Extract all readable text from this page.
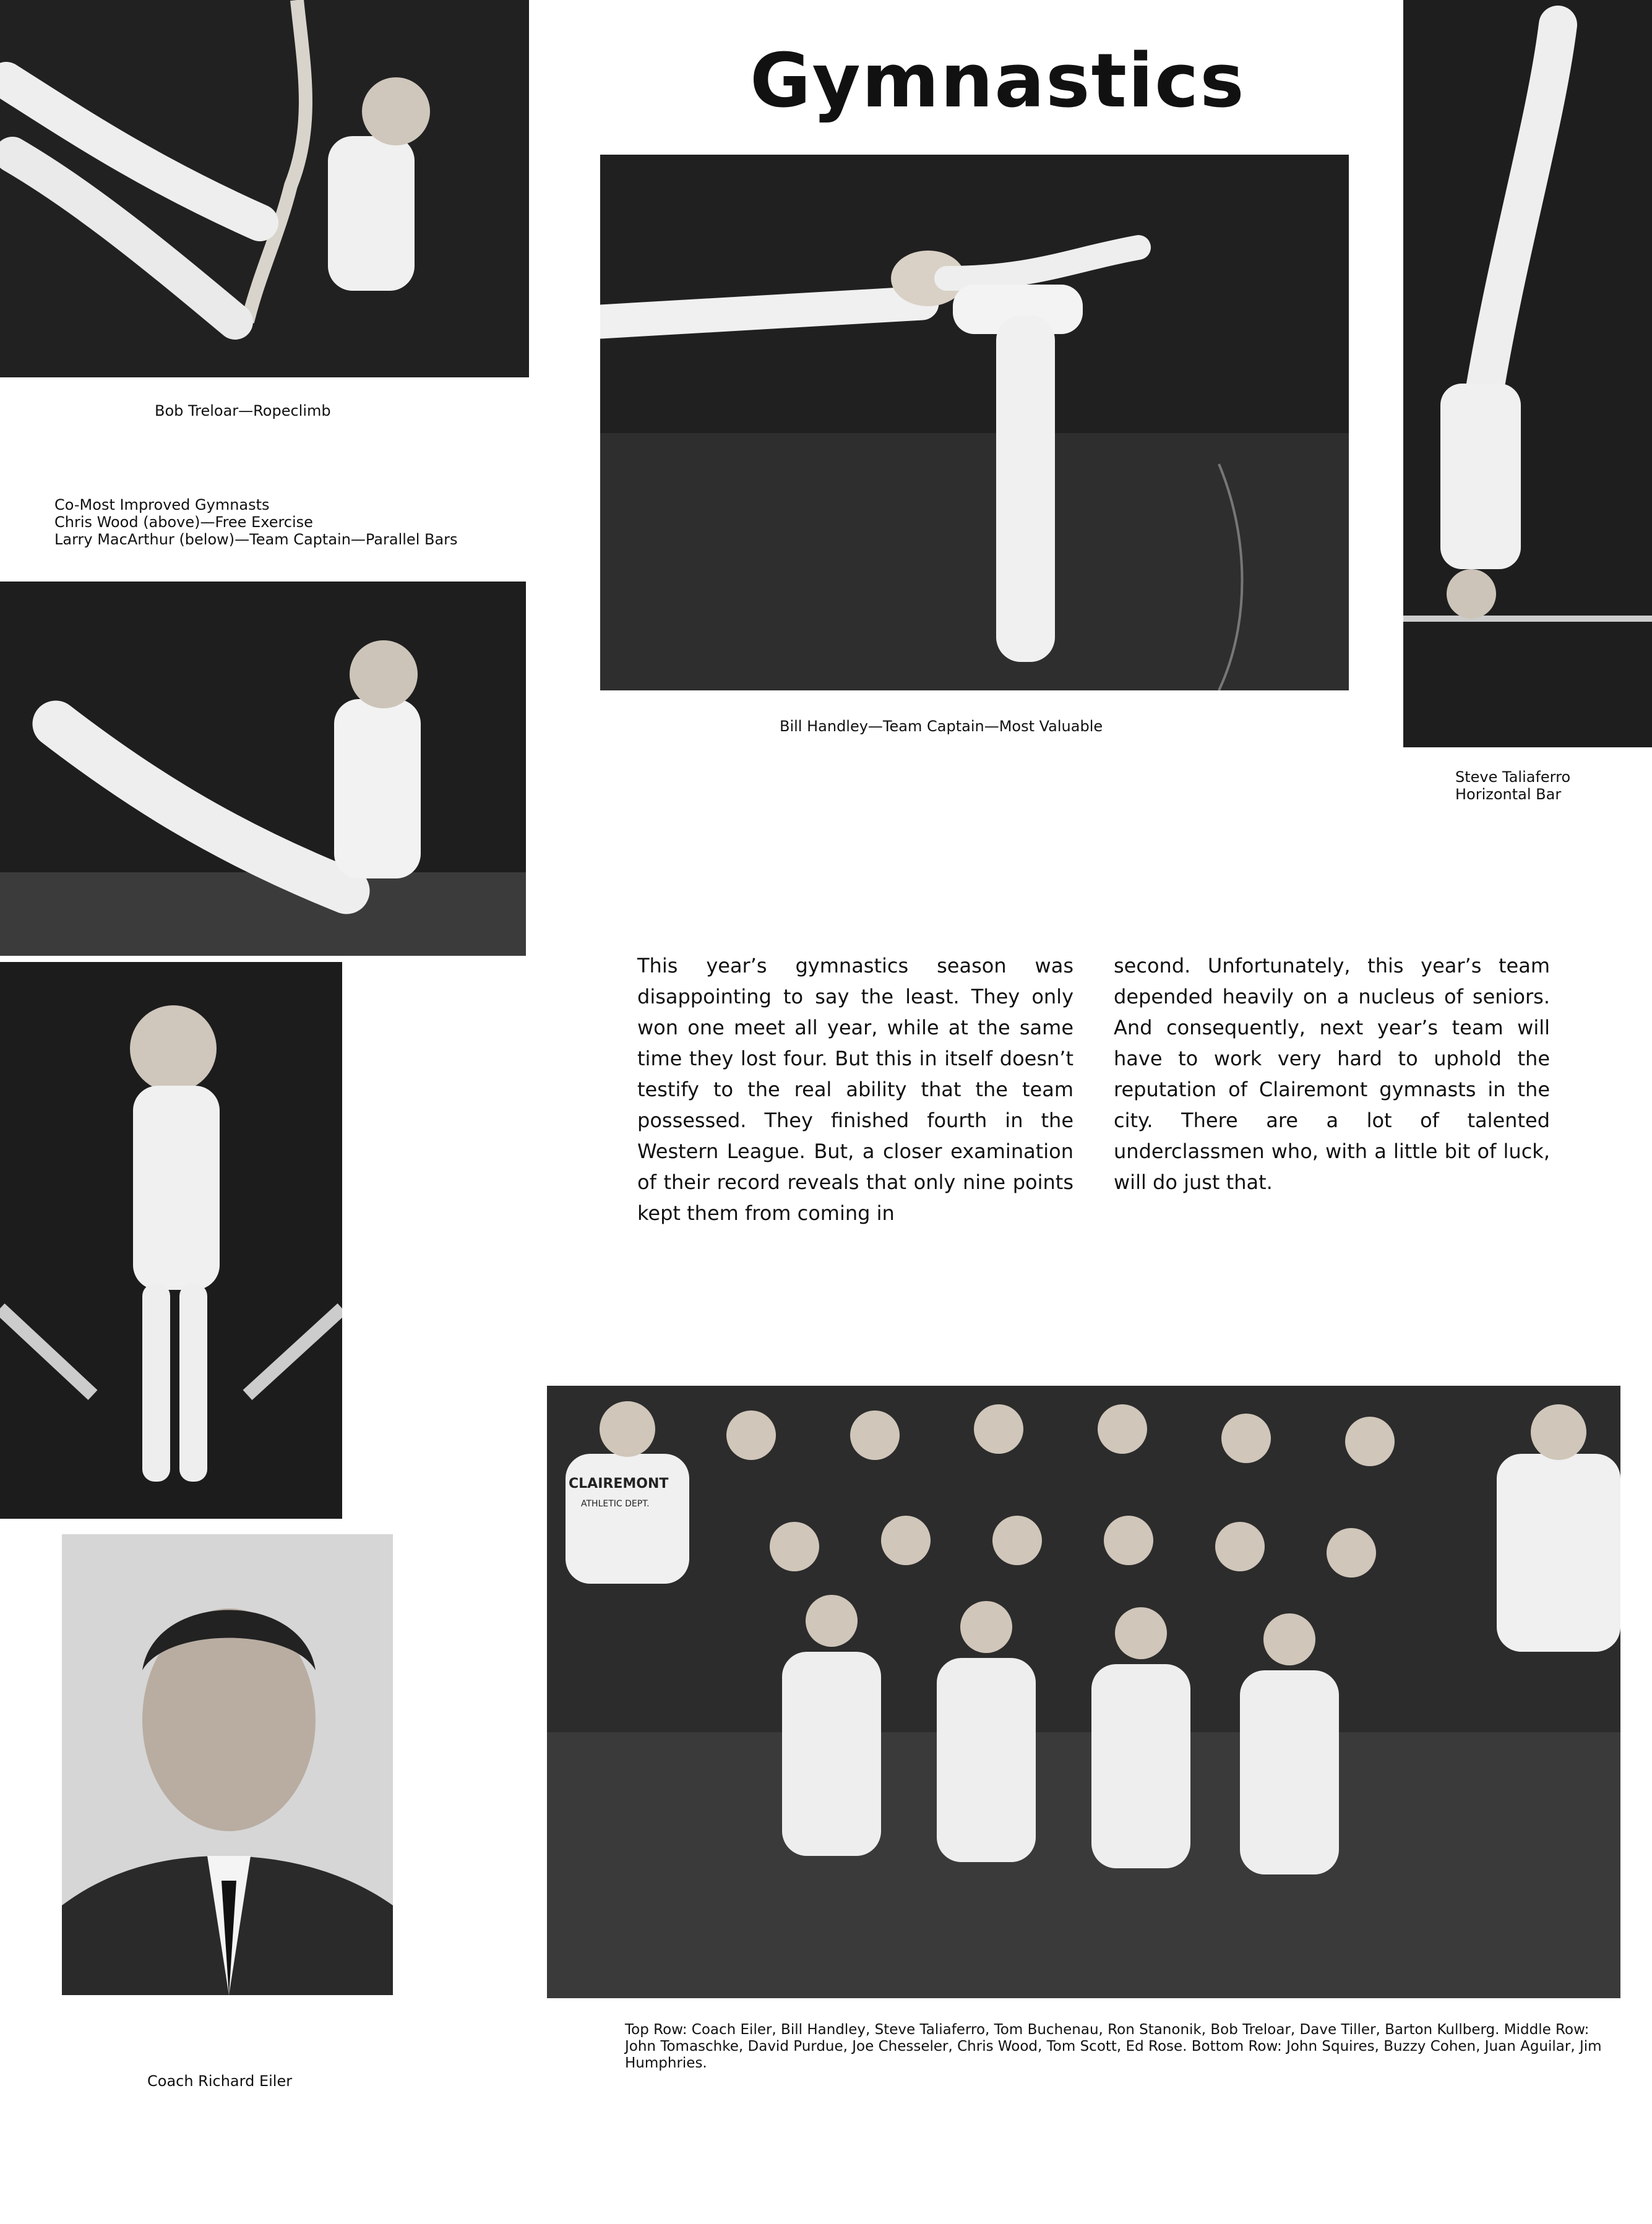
Gymnastics
Bob Treloar—Ropeclimb
Co-Most Improved Gymnasts
Chris Wood (above)—Free Exercise
Larry MacArthur (below)—Team Captain—Parallel Bars
Coach Richard Eiler
Bill Handley—Team Captain—Most Valuable
Steve Taliaferro
Horizontal Bar
This year’s gymnastics season was disappointing to say the least. They only won one meet all year, while at the same time they lost four. But this in itself doesn’t testify to the real ability that the team possessed. They finished fourth in the Western League. But, a closer examination of their record reveals that only nine points kept them from coming in
second. Unfortunately, this year’s team depended heavily on a nucleus of seniors. And consequently, next year’s team will have to work very hard to uphold the reputation of Clairemont gymnasts in the city. There are a lot of talented underclassmen who, with a little bit of luck, will do just that.
CLAIREMONT
ATHLETIC DEPT.
Top Row: Coach Eiler, Bill Handley, Steve Taliaferro, Tom Buchenau, Ron Stanonik, Bob Treloar, Dave Tiller, Barton Kullberg. Middle Row: John Tomaschke, David Purdue, Joe Chesseler, Chris Wood, Tom Scott, Ed Rose. Bottom Row: John Squires, Buzzy Cohen, Juan Aguilar, Jim Humphries.
